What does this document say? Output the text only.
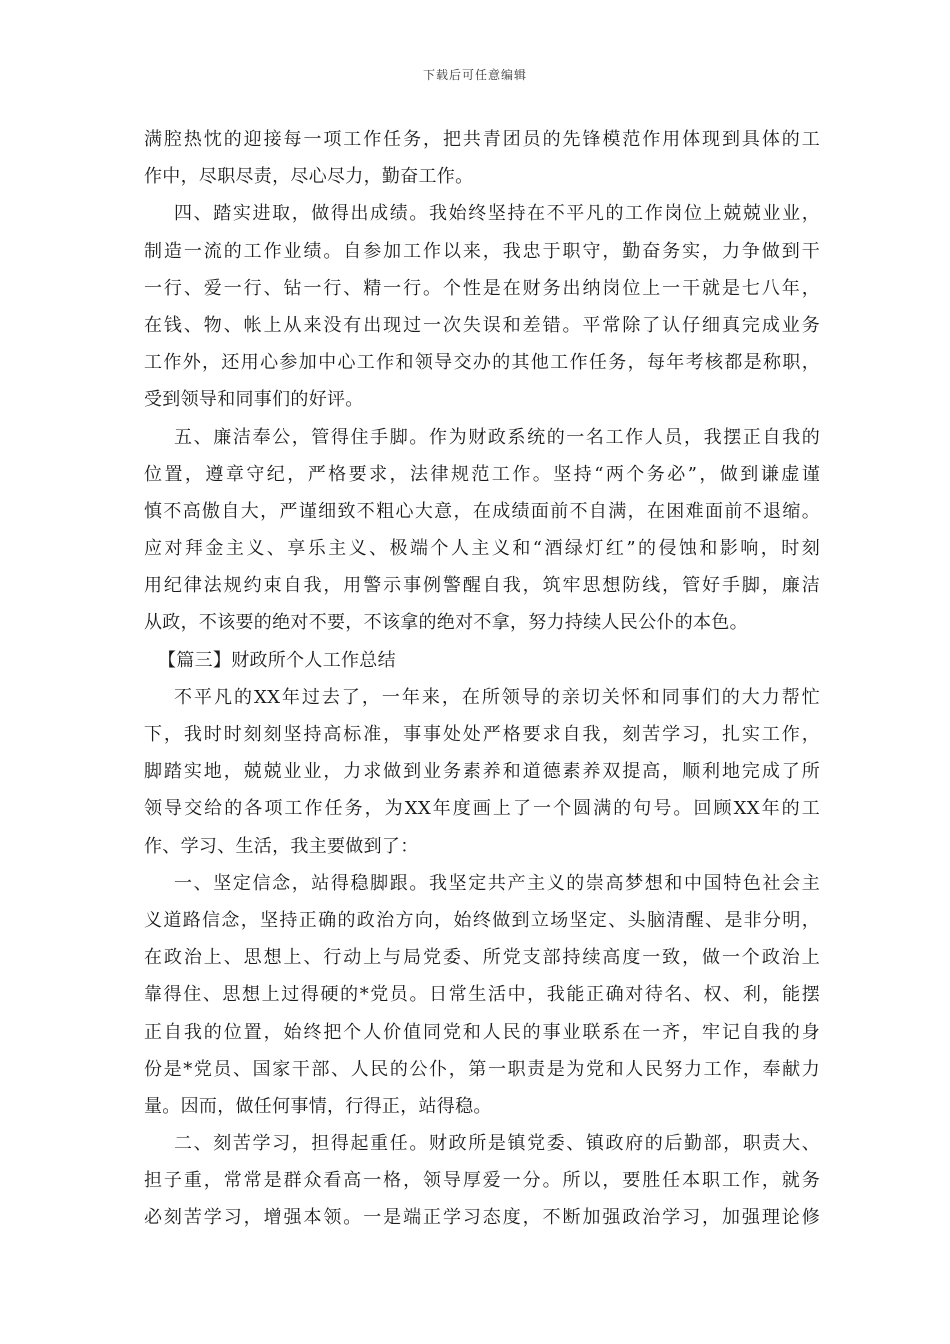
下载后可任意编辑
满腔热忱的迎接每一项工作任务，把共青团员的先锋模范作用体现到具体的工
作中，尽职尽责，尽心尽力，勤奋工作。
四、踏实进取，做得出成绩。我始终坚持在不平凡的工作岗位上兢兢业业，
制造一流的工作业绩。自参加工作以来，我忠于职守，勤奋务实，力争做到干
一行、爱一行、钻一行、精一行。个性是在财务出纳岗位上一干就是七八年，
在钱、物、帐上从来没有出现过一次失误和差错。平常除了认仔细真完成业务
工作外，还用心参加中心工作和领导交办的其他工作任务，每年考核都是称职，
受到领导和同事们的好评。
五、廉洁奉公，管得住手脚。作为财政系统的一名工作人员，我摆正自我的
位置，遵章守纪，严格要求，法律规范工作。坚持“两个务必”，做到谦虚谨
慎不高傲自大，严谨细致不粗心大意，在成绩面前不自满，在困难面前不退缩。
应对拜金主义、享乐主义、极端个人主义和“酒绿灯红”的侵蚀和影响，时刻
用纪律法规约束自我，用警示事例警醒自我，筑牢思想防线，管好手脚，廉洁
从政，不该要的绝对不要，不该拿的绝对不拿，努力持续人民公仆的本色。
【篇三】财政所个人工作总结
不平凡的XX年过去了，一年来，在所领导的亲切关怀和同事们的大力帮忙
下，我时时刻刻坚持高标准，事事处处严格要求自我，刻苦学习，扎实工作，
脚踏实地，兢兢业业，力求做到业务素养和道德素养双提高，顺利地完成了所
领导交给的各项工作任务，为XX年度画上了一个圆满的句号。回顾XX年的工
作、学习、生活，我主要做到了：
一、坚定信念，站得稳脚跟。我坚定共产主义的崇高梦想和中国特色社会主
义道路信念，坚持正确的政治方向，始终做到立场坚定、头脑清醒、是非分明，
在政治上、思想上、行动上与局党委、所党支部持续高度一致，做一个政治上
靠得住、思想上过得硬的*党员。日常生活中，我能正确对待名、权、利，能摆
正自我的位置，始终把个人价值同党和人民的事业联系在一齐，牢记自我的身
份是*党员、国家干部、人民的公仆，第一职责是为党和人民努力工作，奉献力
量。因而，做任何事情，行得正，站得稳。
二、刻苦学习，担得起重任。财政所是镇党委、镇政府的后勤部，职责大、
担子重，常常是群众看高一格，领导厚爱一分。所以，要胜任本职工作，就务
必刻苦学习，增强本领。一是端正学习态度，不断加强政治学习，加强理论修
